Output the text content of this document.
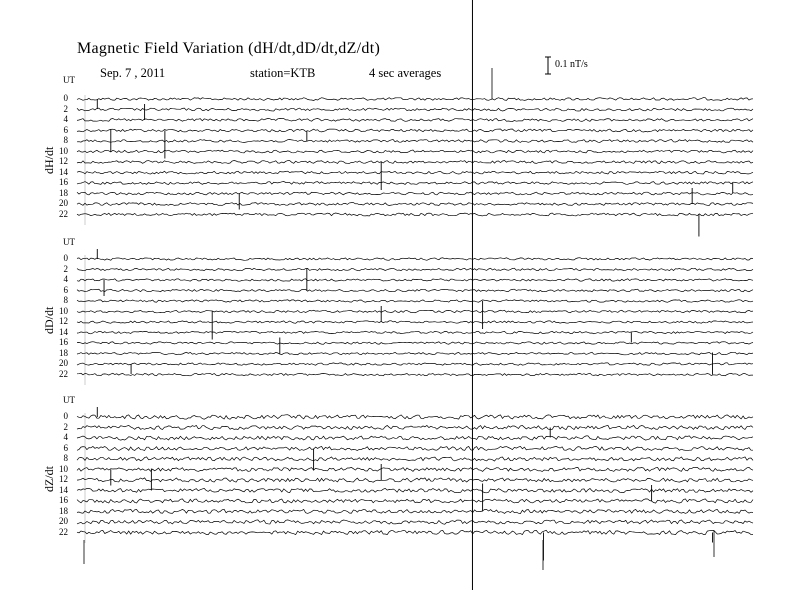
Magnetic Field Variation (dH/dt,dD/dt,dZ/dt)
Sep. 7 , 2011	station=KTB	4 sec averages
0.1 nT/s
UT
dH/dt
0
2
4
6
8
10
12
14
16
18
20
22
UT
dD/dt
0
2
4
6
8
10
12
14
16
18
20
22
UT
dZ/dt
0
2
4
6
8
10
12
14
16
18
20
22
